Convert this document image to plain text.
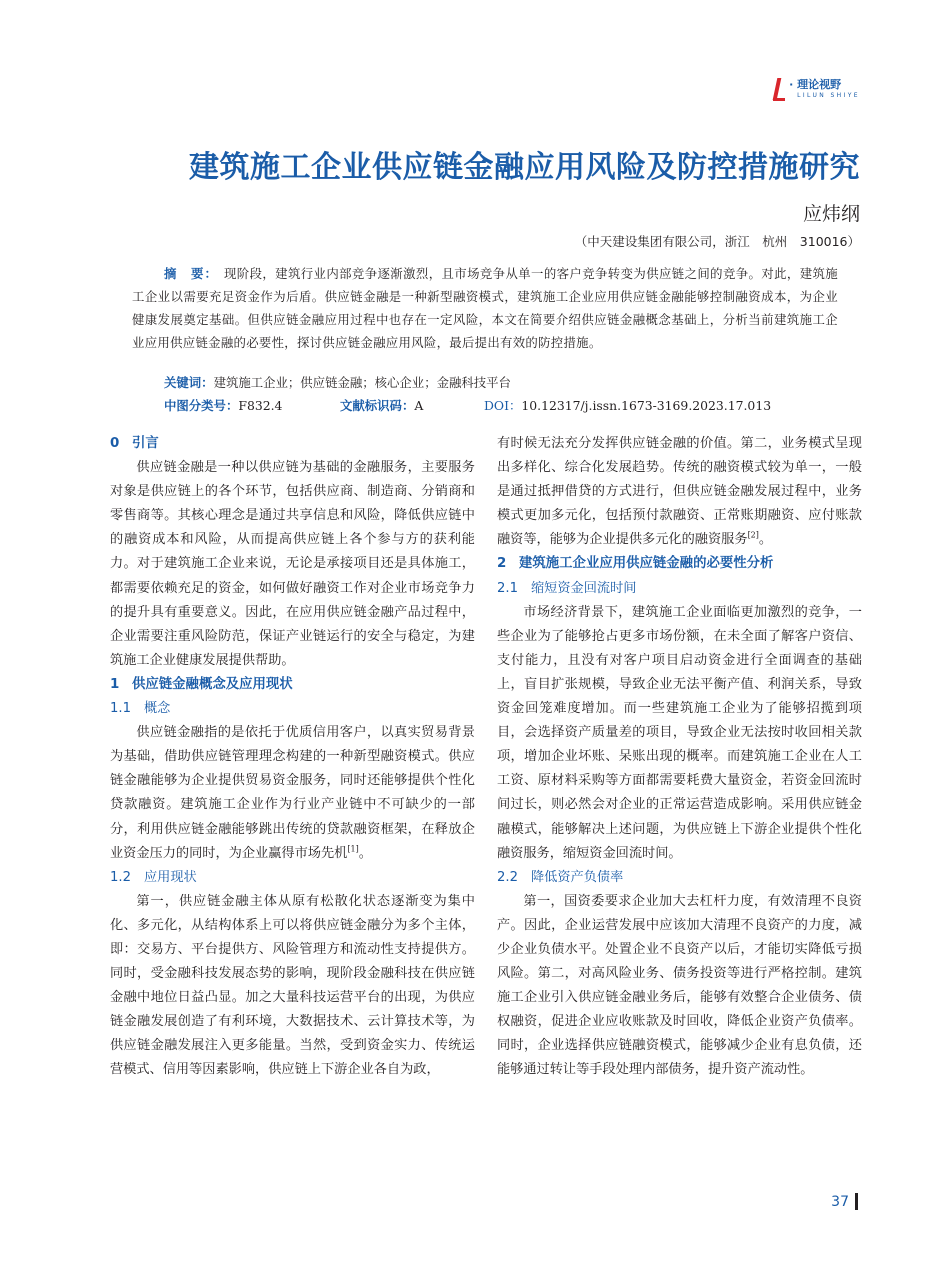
· 理论视野
LILUN SHIYE
建筑施工企业供应链金融应用风险及防控措施研究
应炜纲
（中天建设集团有限公司，浙江　杭州　310016）
摘　要： 现阶段，建筑行业内部竞争逐渐激烈，且市场竞争从单一的客户竞争转变为供应链之间的竞争。对此，建筑施工企业以需要充足资金作为后盾。供应链金融是一种新型融资模式，建筑施工企业应用供应链金融能够控制融资成本，为企业健康发展奠定基础。但供应链金融应用过程中也存在一定风险，本文在简要介绍供应链金融概念基础上，分析当前建筑施工企业应用供应链金融的必要性，探讨供应链金融应用风险，最后提出有效的防控措施。
关键词：建筑施工企业；供应链金融；核心企业；金融科技平台
中图分类号：F832.4	文献标识码：A	DOI：10.12317/j.issn.1673-3169.2023.17.013
0 引言

供应链金融是一种以供应链为基础的金融服务，主要服务对象是供应链上的各个环节，包括供应商、制造商、分销商和零售商等。其核心理念是通过共享信息和风险，降低供应链中的融资成本和风险，从而提高供应链上各个参与方的获利能力。对于建筑施工企业来说，无论是承接项目还是具体施工，都需要依赖充足的资金，如何做好融资工作对企业市场竞争力的提升具有重要意义。因此，在应用供应链金融产品过程中，企业需要注重风险防范，保证产业链运行的安全与稳定，为建筑施工企业健康发展提供帮助。

1 供应链金融概念及应用现状
1.1 概念

供应链金融指的是依托于优质信用客户，以真实贸易背景为基础，借助供应链管理理念构建的一种新型融资模式。供应链金融能够为企业提供贸易资金服务，同时还能够提供个性化贷款融资。建筑施工企业作为行业产业链中不可缺少的一部分，利用供应链金融能够跳出传统的贷款融资框架，在释放企业资金压力的同时，为企业赢得市场先机[1]。

1.2 应用现状

第一，供应链金融主体从原有松散化状态逐渐变为集中化、多元化，从结构体系上可以将供应链金融分为多个主体，即：交易方、平台提供方、风险管理方和流动性支持提供方。同时，受金融科技发展态势的影响，现阶段金融科技在供应链金融中地位日益凸显。加之大量科技运营平台的出现，为供应链金融发展创造了有利环境，大数据技术、云计算技术等，为供应链金融发展注入更多能量。当然，受到资金实力、传统运营模式、信用等因素影响，供应链上下游企业各自为政，

有时候无法充分发挥供应链金融的价值。第二，业务模式呈现出多样化、综合化发展趋势。传统的融资模式较为单一，一般是通过抵押借贷的方式进行，但供应链金融发展过程中，业务模式更加多元化，包括预付款融资、正常账期融资、应付账款融资等，能够为企业提供多元化的融资服务[2]。

2 建筑施工企业应用供应链金融的必要性分析
2.1 缩短资金回流时间

市场经济背景下，建筑施工企业面临更加激烈的竞争，一些企业为了能够抢占更多市场份额，在未全面了解客户资信、支付能力，且没有对客户项目启动资金进行全面调查的基础上，盲目扩张规模，导致企业无法平衡产值、利润关系，导致资金回笼难度增加。而一些建筑施工企业为了能够招揽到项目，会选择资产质量差的项目，导致企业无法按时收回相关款项，增加企业坏账、呆账出现的概率。而建筑施工企业在人工工资、原材料采购等方面都需要耗费大量资金，若资金回流时间过长，则必然会对企业的正常运营造成影响。采用供应链金融模式，能够解决上述问题，为供应链上下游企业提供个性化融资服务，缩短资金回流时间。

2.2 降低资产负债率

第一，国资委要求企业加大去杠杆力度，有效清理不良资产。因此，企业运营发展中应该加大清理不良资产的力度，减少企业负债水平。处置企业不良资产以后，才能切实降低亏损风险。第二，对高风险业务、债务投资等进行严格控制。建筑施工企业引入供应链金融业务后，能够有效整合企业债务、债权融资，促进企业应收账款及时回收，降低企业资产负债率。同时，企业选择供应链融资模式，能够减少企业有息负债，还能够通过转让等手段处理内部债务，提升资产流动性。

37
